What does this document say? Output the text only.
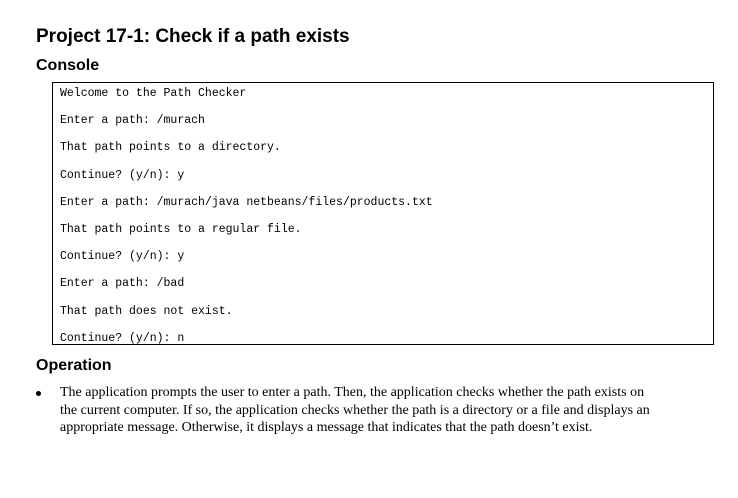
Project 17-1: Check if a path exists
Console
Welcome to the Path Checker
Enter a path: /murach
That path points to a directory.
Continue? (y/n): y
Enter a path: /murach/java netbeans/files/products.txt
That path points to a regular file.
Continue? (y/n): y
Enter a path: /bad
That path does not exist.
Continue? (y/n): n
Operation
The application prompts the user to enter a path. Then, the application checks whether the path exists on the current computer. If so, the application checks whether the path is a directory or a file and displays an appropriate message. Otherwise, it displays a message that indicates that the path doesn’t exist.
